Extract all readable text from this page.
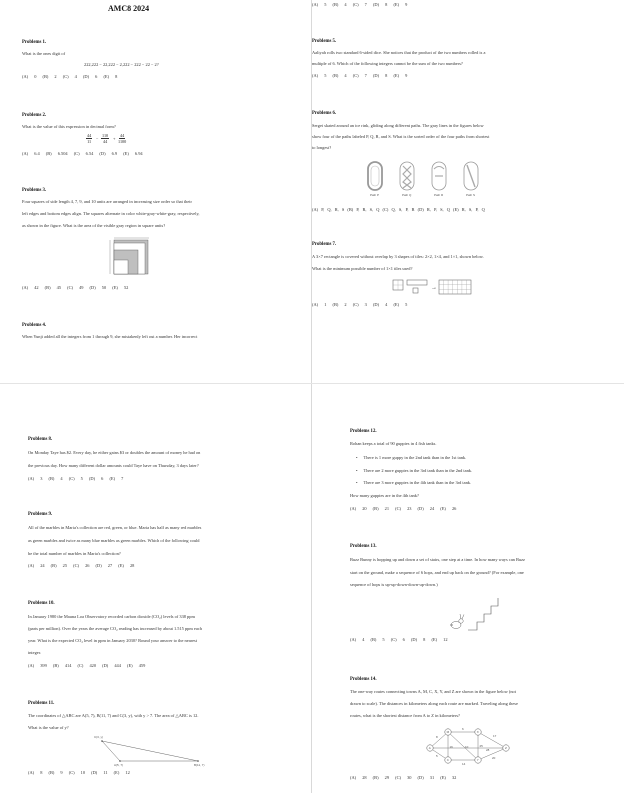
AMC8 2024
Problems 1.
What is the ones digit of
222,222 − 22,222 − 2,222 − 222 − 22 − 2?
(A) 0 (B) 2 (C) 4 (D) 6 (E) 8
Problems 2.
What is the value of this expression in decimal form?
$\frac{44}{11} - \frac{110}{44} + \frac{44}{1100}$
(A) 6.4 (B) 6.504 (C) 6.54 (D) 6.9 (E) 6.94
Problems 3.
Four squares of side length 4, 7, 9, and 10 units are arranged in increasing size order so that their
left edges and bottom edges align. The squares alternate in color white-gray-white-gray, respectively,
as shown in the figure. What is the area of the visible gray region in square units?
(A) 42 (B) 45 (C) 49 (D) 50 (E) 52
Problems 4.
When Yunji added all the integers from 1 through 9, she mistakenly left out a number. Her incorrect
(A) 5 (B) 4 (C) 7 (D) 8 (E) 9
Problems 5.
Aaliyah rolls two standard 6-sided dice. She notices that the product of the two numbers rolled is a
multiple of 6. Which of the following integers cannot be the sum of the two numbers?
(A) 5 (B) 4 (C) 7 (D) 8 (E) 9
Problems 6.
Sergei skated around an ice rink, gliding along different paths. The gray lines in the figures below
show four of the paths labeled P, Q, R, and S. What is the sorted order of the four paths from shortest
to longest?
Path P	Path Q	Path R	Path S
(A) P, Q, R, S (B) P, R, S, Q (C) Q, S, P, R (D) R, P, S, Q (E) R, S, P, Q
Problems 7.
A 3×7 rectangle is covered without overlap by 3 shapes of tiles: 2×2, 1×4, and 1×1, shown below.
What is the minimum possible number of 1×1 tiles used?
→
(A) 1 (B) 2 (C) 3 (D) 4 (E) 5
Problems 8.
On Monday Taye has $2. Every day, he either gains $3 or doubles the amount of money he had on
the previous day. How many different dollar amounts could Taye have on Thursday, 3 days later?
(A) 3 (B) 4 (C) 5 (D) 6 (E) 7
Problems 9.
All of the marbles in Maria's collection are red, green, or blue. Maria has half as many red marbles
as green marbles and twice as many blue marbles as green marbles. Which of the following could
be the total number of marbles in Maria's collection?
(A) 24 (B) 25 (C) 26 (D) 27 (E) 28
Problems 10.
In January 1980 the Mauna Loa Observatory recorded carbon dioxide (CO₂) levels of 338 ppm
(parts per million). Over the years the average CO₂ reading has increased by about 1.515 ppm each
year. What is the expected CO₂ level in ppm in January 2030? Round your answer to the nearest
integer.
(A) 399 (B) 414 (C) 420 (D) 444 (E) 459
Problems 11.
The coordinates of △ABC are A(5, 7), B(11, 7) and C(3, y), with y > 7. The area of △ABC is 12.
What is the value of y?
C(3, y)
A(5, 7)	B(11, 7)
(A) 8 (B) 9 (C) 10 (D) 11 (E) 12
Problems 12.
Rohan keeps a total of 90 guppies in 4 fish tanks.
• There is 1 more guppy in the 2nd tank than in the 1st tank.
• There are 2 more guppies in the 3rd tank than in the 2nd tank.
• There are 3 more guppies in the 4th tank than in the 3rd tank.
How many guppies are in the 4th tank?
(A) 20 (B) 21 (C) 23 (D) 24 (E) 26
Problems 13.
Buzz Bunny is hopping up and down a set of stairs, one step at a time. In how many ways can Buzz
start on the ground, make a sequence of 6 hops, and end up back on the ground? (For example, one
sequence of hops is up-up-down-down-up-down.)
(A) 4 (B) 5 (C) 6 (D) 8 (E) 12
Problems 14.
The one-way routes connecting towns A, M, C, X, Y, and Z are shown in the figure below (not
drawn to scale). The distances in kilometers along each route are marked. Traveling along these
routes, what is the shortest distance from A to Z in kilometers?
A
M
C
X
Y
Z
8
5
16
6
14
17
20
25
10
28
(A) 28 (B) 29 (C) 30 (D) 31 (E) 32
